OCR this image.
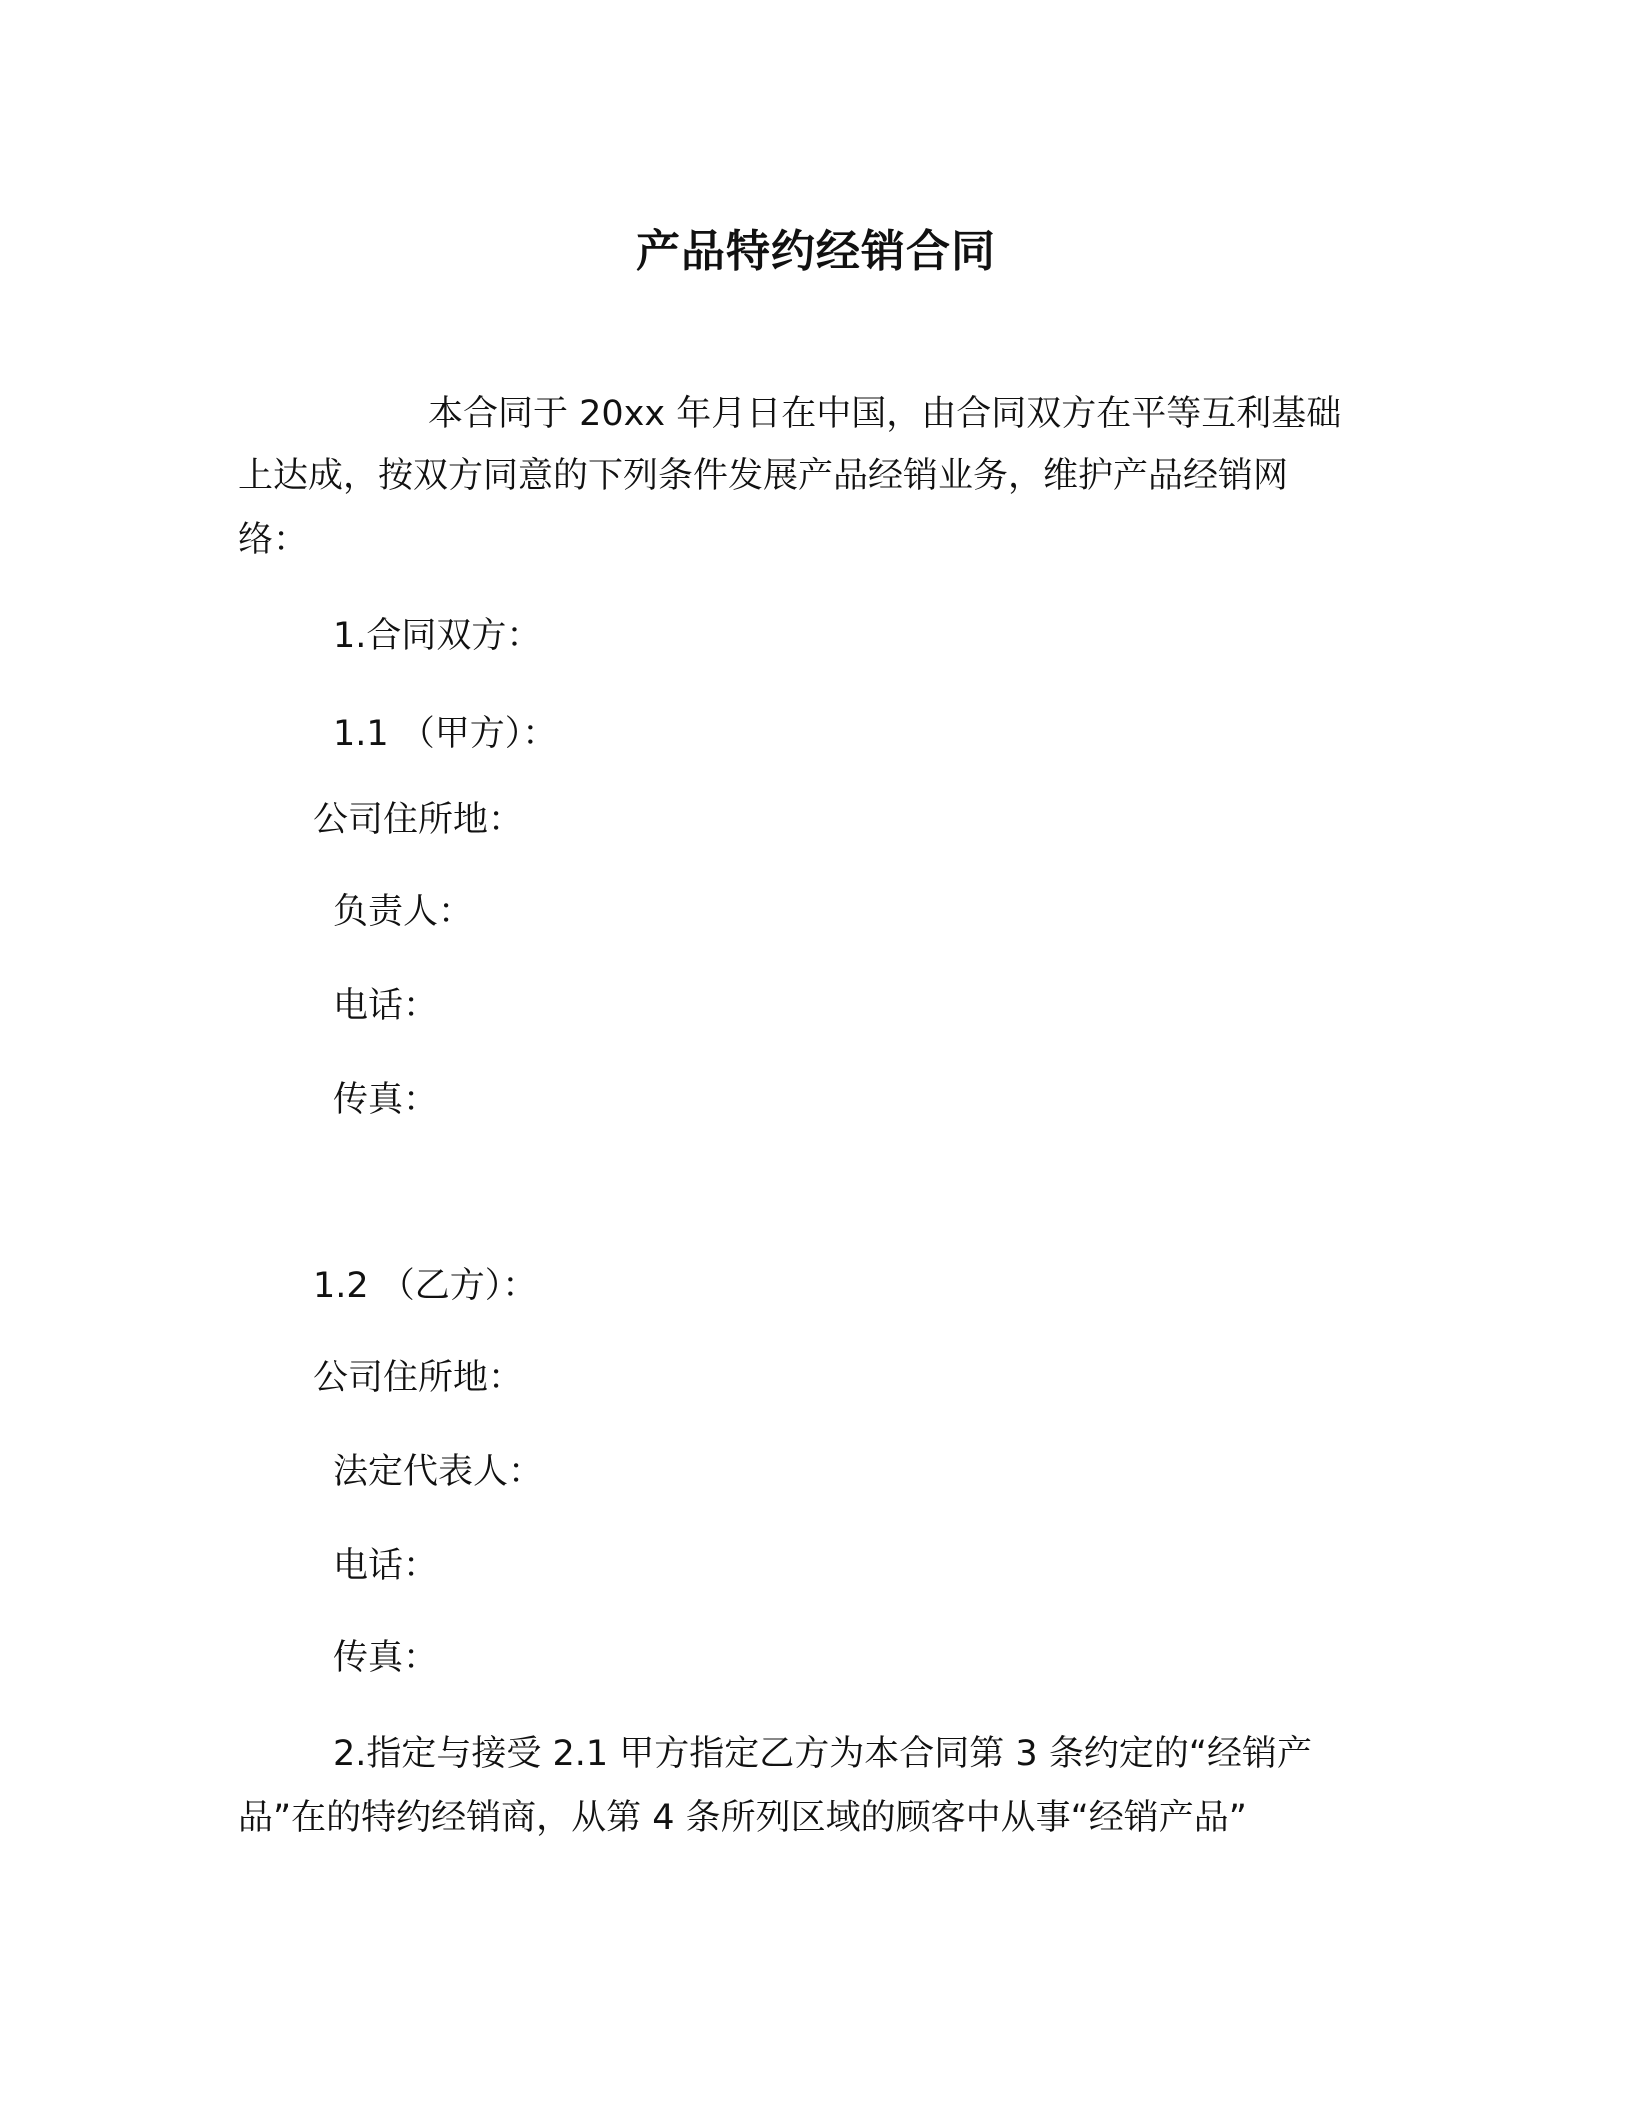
产品特约经销合同

本合同于 20xx 年月日在中国，由合同双方在平等互利基础

上达成，按双方同意的下列条件发展产品经销业务，维护产品经销网

络：

1.合同双方：

1.1 （甲方）：

公司住所地：

负责人：

电话：

传真：

1.2 （乙方）：

公司住所地：

法定代表人：

电话：

传真：

2.指定与接受 2.1 甲方指定乙方为本合同第 3 条约定的“经销产

品”在的特约经销商，从第 4 条所列区域的顾客中从事“经销产品”
